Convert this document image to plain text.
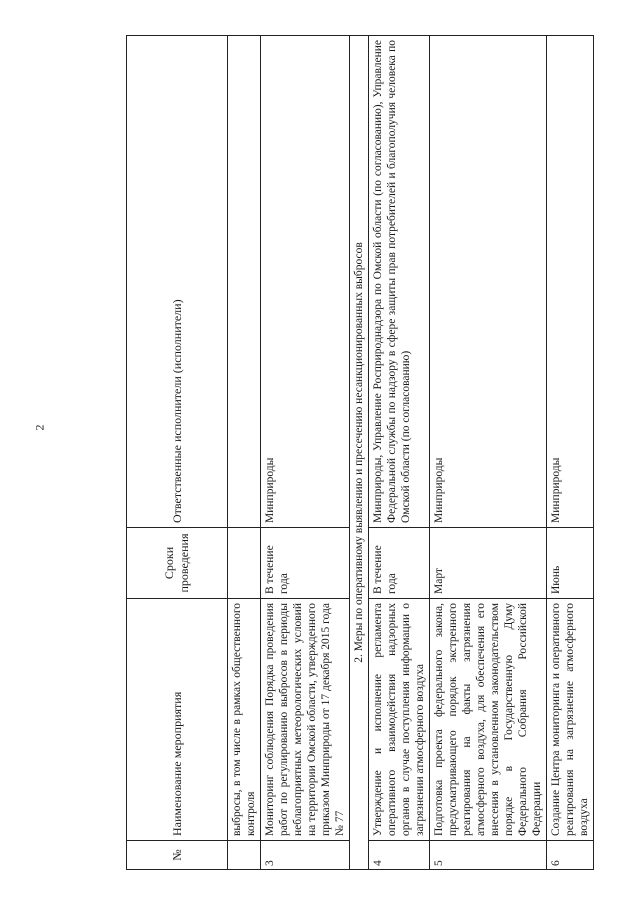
2
№	Наименование мероприятия	Сроки проведения	Ответственные исполнители (исполнители)
	выбросы, в том числе в рамках общественного контроля		
3	Мониторинг соблюдения Порядка проведения работ по регулированию выбросов в периоды неблагоприятных метеорологических условий на территории Омской области, утвержденного приказом Минприроды от 17 декабря 2015 года № 77	В течение года	Минприроды
2. Меры по оперативному выявлению и пресечению несанкционированных выбросов			
4	Утверждение и исполнение регламента оперативного взаимодействия надзорных органов в случае поступления информации о загрязнении атмосферного воздуха	В течение года	Минприроды, Управление Росприроднадзора по Омской области (по согласованию), Управление Федеральной службы по надзору в сфере защиты прав потребителей и благополучия человека по Омской области (по согласованию)
5	Подготовка проекта федерального закона, предусматривающего порядок экстренного реагирования на факты загрязнения атмосферного воздуха, для обеспечения его внесения в установленном законодательством порядке в Государственную Думу Федерального Собрания Российской Федерации	Март	Минприроды
6	Создание Центра мониторинга и оперативного реагирования на загрязнение атмосферного воздуха	Июнь	Минприроды
